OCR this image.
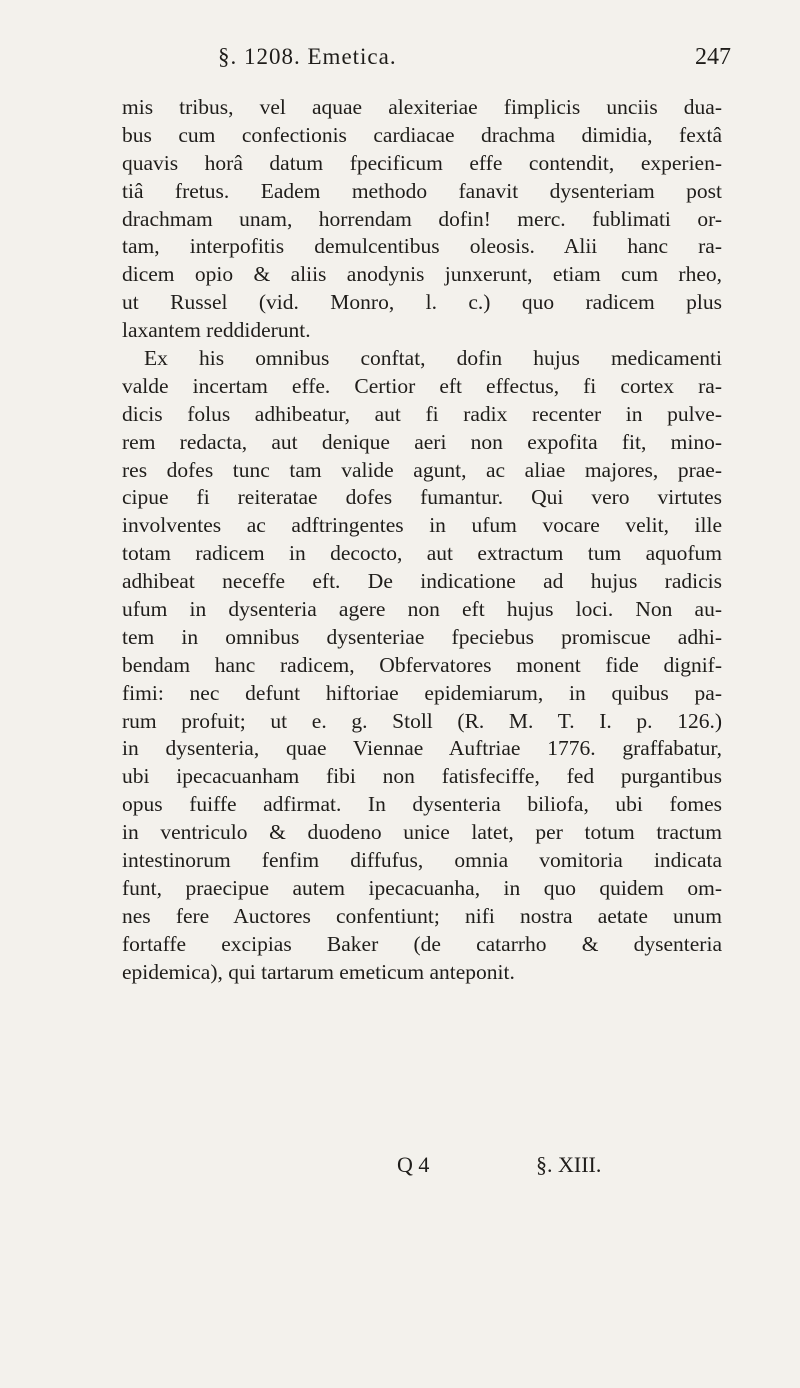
§. 1208. Emetica.	247
mis tribus, vel aquae alexiteriae fimplicis unciis dua-
bus cum confectionis cardiacae drachma dimidia, fextâ
quavis horâ datum fpecificum effe contendit, experien-
tiâ fretus. Eadem methodo fanavit dysenteriam post
drachmam unam, horrendam dofin! merc. fublimati or-
tam, interpofitis demulcentibus oleosis. Alii hanc ra-
dicem opio & aliis anodynis junxerunt, etiam cum rheo,
ut Russel (vid. Monro, l. c.) quo radicem plus
laxantem reddiderunt.
Ex his omnibus conftat, dofin hujus medicamenti
valde incertam effe. Certior eft effectus, fi cortex ra-
dicis folus adhibeatur, aut fi radix recenter in pulve-
rem redacta, aut denique aeri non expofita fit, mino-
res dofes tunc tam valide agunt, ac aliae majores, prae-
cipue fi reiteratae dofes fumantur. Qui vero virtutes
involventes ac adftringentes in ufum vocare velit, ille
totam radicem in decocto, aut extractum tum aquofum
adhibeat neceffe eft. De indicatione ad hujus radicis
ufum in dysenteria agere non eft hujus loci. Non au-
tem in omnibus dysenteriae fpeciebus promiscue adhi-
bendam hanc radicem, Obfervatores monent fide dignif-
fimi: nec defunt hiftoriae epidemiarum, in quibus pa-
rum profuit; ut e. g. Stoll (R. M. T. I. p. 126.)
in dysenteria, quae Viennae Auftriae 1776. graffabatur,
ubi ipecacuanham fibi non fatisfeciffe, fed purgantibus
opus fuiffe adfirmat. In dysenteria biliofa, ubi fomes
in ventriculo & duodeno unice latet, per totum tractum
intestinorum fenfim diffufus, omnia vomitoria indicata
funt, praecipue autem ipecacuanha, in quo quidem om-
nes fere Auctores confentiunt; nifi nostra aetate unum
fortaffe excipias Baker (de catarrho & dysenteria
epidemica), qui tartarum emeticum anteponit.
Q 4	§. XIII.
